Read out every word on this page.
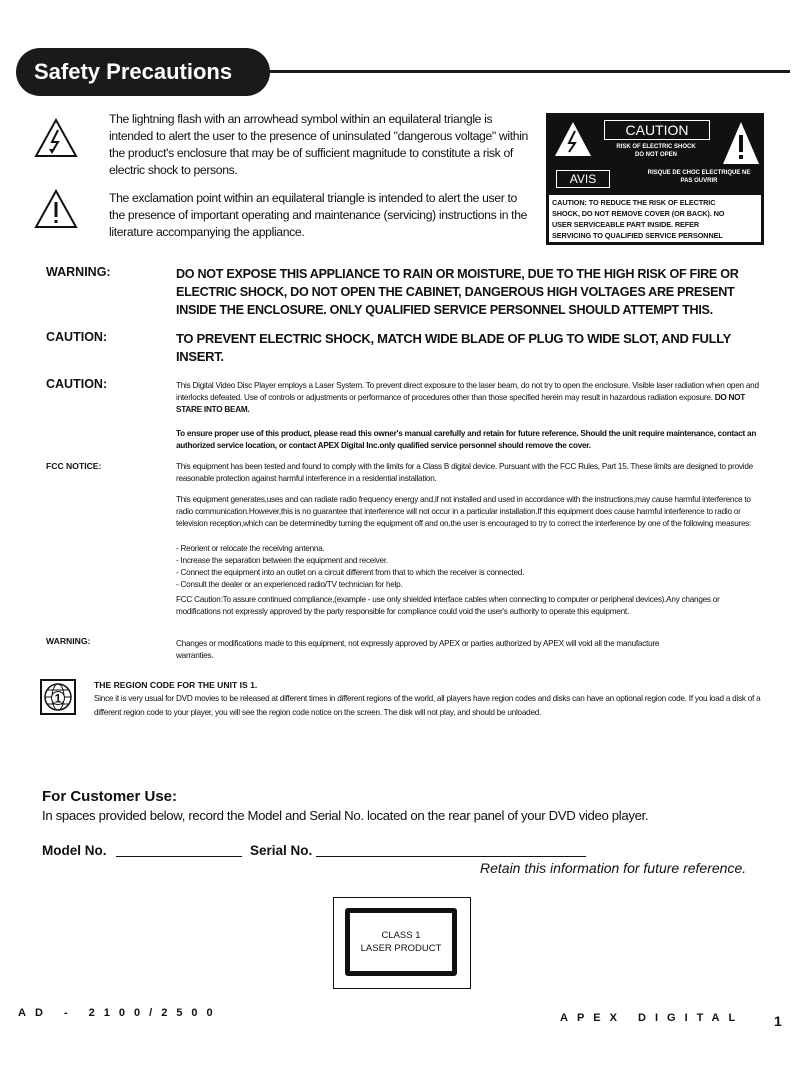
Safety Precautions
The lightning flash with an arrowhead symbol within an equilateral triangle is intended to alert the user to the presence of uninsulated "dangerous voltage" within the product's enclosure that may be of sufficient magnitude to constitute a risk of electric shock to persons.
The exclamation point within an equilateral triangle is intended to alert the user to the presence of important operating and maintenance (servicing) instructions in the literature accompanying the appliance.
CAUTION
RISK OF ELECTRIC SHOCK
DO NOT OPEN
AVIS	RISQUE DE CHOC ELECTRIQUE NE
PAS OUVRIR
CAUTION: TO REDUCE THE RISK OF ELECTRIC
SHOCK, DO NOT REMOVE COVER (OR BACK). NO
USER SERVICEABLE PART INSIDE. REFER
SERVICING TO QUALIFIED SERVICE PERSONNEL
WARNING:	DO NOT EXPOSE THIS APPLIANCE TO RAIN OR MOISTURE, DUE TO THE HIGH RISK OF FIRE OR ELECTRIC SHOCK, DO NOT OPEN THE CABINET, DANGEROUS HIGH VOLTAGES ARE PRESENT INSIDE THE ENCLOSURE. ONLY QUALIFIED SERVICE PERSONNEL SHOULD ATTEMPT THIS.
CAUTION:	TO PREVENT ELECTRIC SHOCK, MATCH WIDE BLADE OF PLUG TO WIDE SLOT, AND FULLY INSERT.
CAUTION:	This Digital Video Disc Player employs a Laser System. To prevent direct exposure to the laser beam, do not try to open the enclosure. Visible laser radiation when open and interlocks defeated. Use of controls or adjustments or performance of procedures other than those specified herein may result in hazardous radiation exposure. DO NOT STARE INTO BEAM.
To ensure proper use of this product, please read this owner's manual carefully and retain for future reference. Should the unit require maintenance, contact an authorized service location, or contact APEX Digital Inc.only qualified service personnel should remove the cover.
FCC NOTICE:	This equipment has been tested and found to comply with the limits for a Class B digital device. Pursuant with the FCC Rules, Part 15. These limits are designed to provide reasonable protection against harmful interference in a residential installation.
This equipment generates,uses and can radiate radio frequency energy and,if not installed and used in accordance with the instructions,may cause harmful interference to radio communication.However,this is no guarantee that interference will not occur in a particular installation.If this equipment does cause harmful interference to radio or television reception,which can be determinedby turning the equipment off and on,the user is encouraged to try to correct the interference by one of the following measures:
- Reorient or relocate the receiving antenna.
- Increase the separation between the equipment and receiver.
- Connect the equipment into an outlet on a circuit different from that to which the receiver is connected.
- Consult the dealer or an experienced radio/TV technician for help.
FCC Caution:To assure continued compliance,(example - use only shielded interface cables when connecting to computer or peripheral devices).Any changes or modifications not expressly approved by the party responsible for compliance could void the user's authority to operate this equipment.
WARNING:	Changes or modifications made to this equipment, not expressly approved by APEX or parties authorized by APEX will void all the manufacture warranties.
1
THE REGION CODE FOR THE UNIT IS 1.
Since it is very usual for DVD movies to be released at different times in different regions of the world, all players have region codes and disks can have an optional region code. If you load a disk of a different region code to your player, you will see the region code notice on the screen. The disk will not play, and should be unloaded.
For Customer Use:
In spaces provided below, record the Model and Serial No. located on the rear panel of your DVD video player.
Model No.	Serial No.
Retain this information for future reference.
CLASS 1
LASER PRODUCT
AD - 2100/2500	APEX DIGITAL 1
